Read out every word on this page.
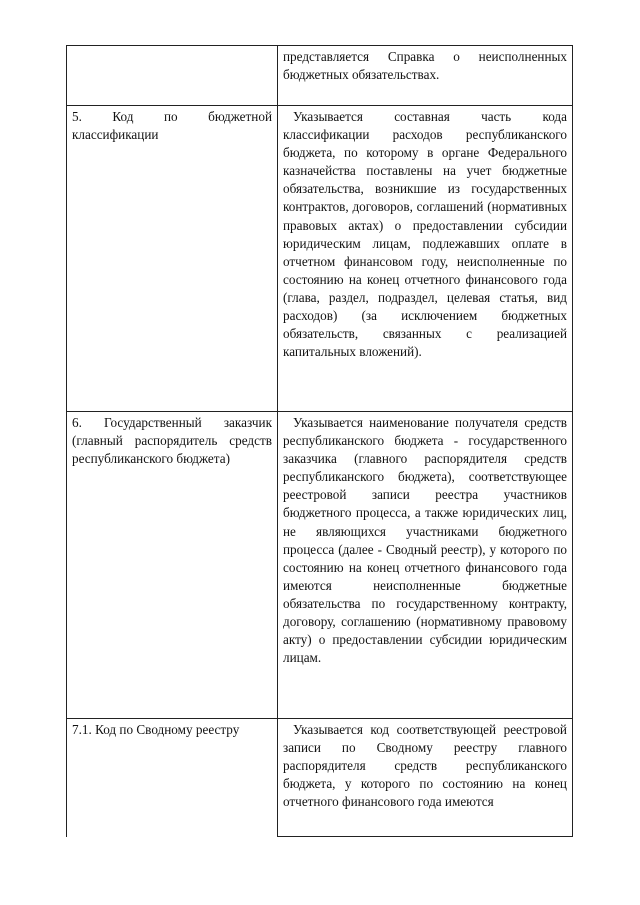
	представляется Справка о неисполненных бюджетных обязательствах.

5. Код по бюджетной классификации	Указывается составная часть кода классификации расходов республиканского бюджета, по которому в органе Федерального казначейства поставлены на учет бюджетные обязательства, возникшие из государственных контрактов, договоров, соглашений (нормативных правовых актах) о предоставлении субсидии юридическим лицам, подлежавших оплате в отчетном финансовом году, неисполненные по состоянию на конец отчетного финансового года (глава, раздел, подраздел, целевая статья, вид расходов) (за исключением бюджетных обязательств, связанных с реализацией капитальных вложений).

6. Государственный заказчик (главный распорядитель средств республиканского бюджета)	Указывается наименование получателя средств республиканского бюджета - государственного заказчика (главного распорядителя средств республиканского бюджета), соответствующее реестровой записи реестра участников бюджетного процесса, а также юридических лиц, не являющихся участниками бюджетного процесса (далее - Сводный реестр), у которого по состоянию на конец отчетного финансового года имеются неисполненные бюджетные обязательства по государственному контракту, договору, соглашению (нормативному правовому акту) о предоставлении субсидии юридическим лицам.

7.1. Код по Сводному реестру	Указывается код соответствующей реестровой записи по Сводному реестру главного распорядителя средств республиканского бюджета, у которого по состоянию на конец отчетного финансового года имеются
